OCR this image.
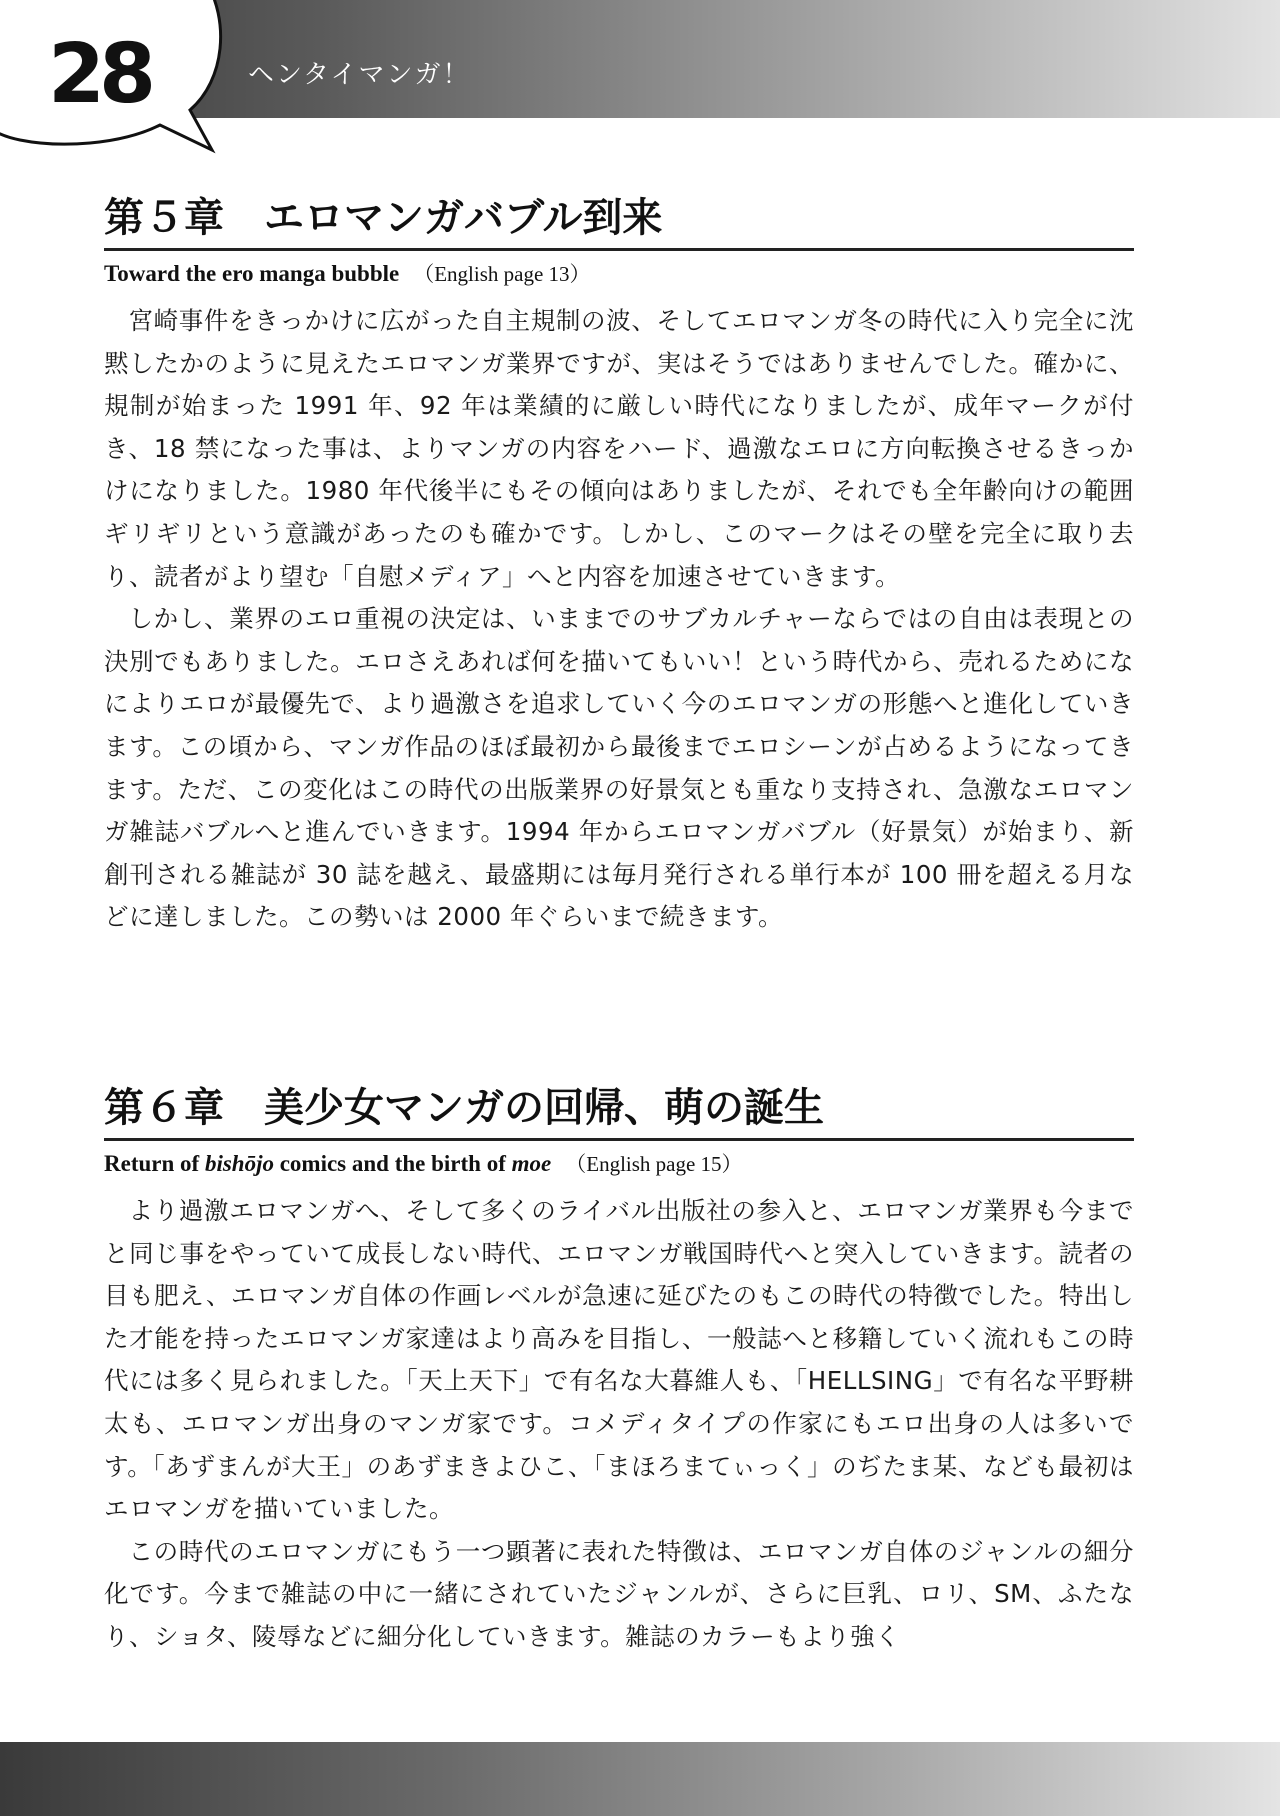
28	ヘンタイマンガ！
第５章　エロマンガバブル到来
Toward the ero manga bubble （English page 13）

宮崎事件をきっかけに広がった自主規制の波、そしてエロマンガ冬の時代に入り完全に沈黙したかのように見えたエロマンガ業界ですが、実はそうではありませんでした。確かに、規制が始まった 1991 年、92 年は業績的に厳しい時代になりましたが、成年マークが付き、18 禁になった事は、よりマンガの内容をハード、過激なエロに方向転換させるきっかけになりました。1980 年代後半にもその傾向はありましたが、それでも全年齢向けの範囲ギリギリという意識があったのも確かです。しかし、このマークはその壁を完全に取り去り、読者がより望む「自慰メディア」へと内容を加速させていきます。

しかし、業界のエロ重視の決定は、いままでのサブカルチャーならではの自由は表現との決別でもありました。エロさえあれば何を描いてもいい！という時代から、売れるためになによりエロが最優先で、より過激さを追求していく今のエロマンガの形態へと進化していきます。この頃から、マンガ作品のほぼ最初から最後までエロシーンが占めるようになってきます。ただ、この変化はこの時代の出版業界の好景気とも重なり支持され、急激なエロマンガ雑誌バブルへと進んでいきます。1994 年からエロマンガバブル（好景気）が始まり、新創刊される雑誌が 30 誌を越え、最盛期には毎月発行される単行本が 100 冊を超える月などに達しました。この勢いは 2000 年ぐらいまで続きます。

第６章　美少女マンガの回帰、萌の誕生
Return of bishōjo comics and the birth of moe （English page 15）

より過激エロマンガへ、そして多くのライバル出版社の参入と、エロマンガ業界も今までと同じ事をやっていて成長しない時代、エロマンガ戦国時代へと突入していきます。読者の目も肥え、エロマンガ自体の作画レベルが急速に延びたのもこの時代の特徴でした。特出した才能を持ったエロマンガ家達はより高みを目指し、一般誌へと移籍していく流れもこの時代には多く見られました。「天上天下」で有名な大暮維人も、「HELLSING」で有名な平野耕太も、エロマンガ出身のマンガ家です。コメディタイプの作家にもエロ出身の人は多いです。「あずまんが大王」のあずまきよひこ、「まほろまてぃっく」のぢたま某、なども最初はエロマンガを描いていました。

この時代のエロマンガにもう一つ顕著に表れた特徴は、エロマンガ自体のジャンルの細分化です。今まで雑誌の中に一緒にされていたジャンルが、さらに巨乳、ロリ、SM、ふたなり、ショタ、陵辱などに細分化していきます。雑誌のカラーもより強く
